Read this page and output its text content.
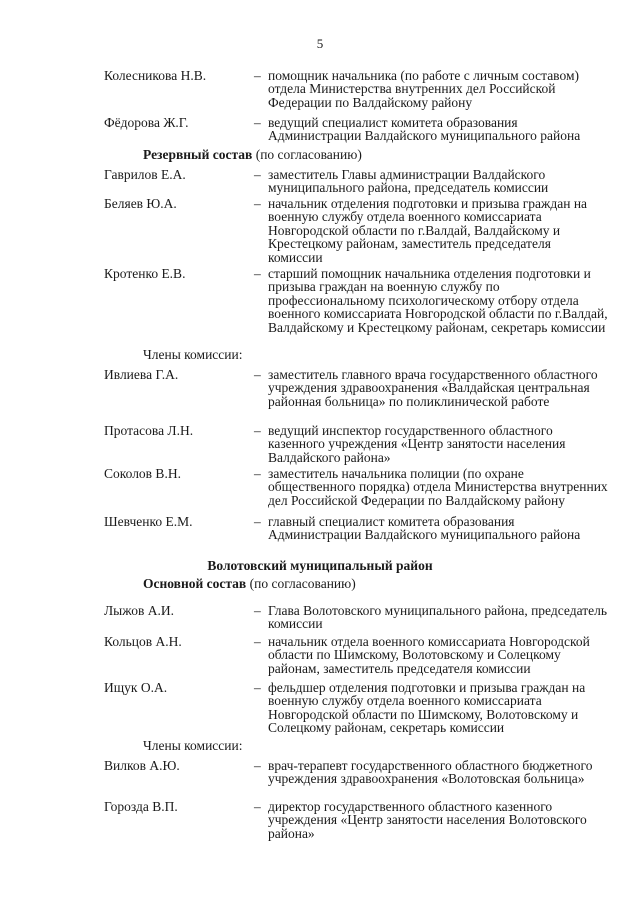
5
Колесникова Н.В.	– помощник начальника (по работе с личным составом) отдела Министерства внутренних дел Российской Федерации по Валдайскому району
Фёдорова Ж.Г.	– ведущий специалист комитета образования Администрации Валдайского муниципального района
Резервный состав (по согласованию)
Гаврилов Е.А.	– заместитель Главы администрации Валдайского муниципального района, председатель комиссии
Беляев Ю.А.	– начальник отделения подготовки и призыва граждан на военную службу отдела военного комиссариата Новгородской области по г.Валдай, Валдайскому и Крестецкому районам, заместитель председателя комиссии
Кротенко Е.В.	– старший помощник начальника отделения подготовки и призыва граждан на военную службу по профессиональному психологическому отбору отдела военного комиссариата Новгородской области по г.Валдай, Валдайскому и Крестецкому районам, секретарь комиссии
Члены комиссии:
Ивлиева Г.А.	– заместитель главного врача государственного областного учреждения здравоохранения «Валдайская центральная районная больница» по поликлинической работе
Протасова Л.Н.	– ведущий инспектор государственного областного казенного учреждения «Центр занятости населения Валдайского района»
Соколов В.Н.	– заместитель начальника полиции (по охране общественного порядка) отдела Министерства внутренних дел Российской Федерации по Валдайскому району
Шевченко Е.М.	– главный специалист комитета образования Администрации Валдайского муниципального района
Волотовский муниципальный район
Основной состав (по согласованию)
Лыжов А.И.	– Глава Волотовского муниципального района, председатель комиссии
Кольцов А.Н.	– начальник отдела военного комиссариата Новгородской области по Шимскому, Волотовскому и Солецкому районам, заместитель председателя комиссии
Ищук О.А.	– фельдшер отделения подготовки и призыва граждан на военную службу отдела военного комиссариата Новгородской области по Шимскому, Волотовскому и Солецкому районам, секретарь комиссии
Члены комиссии:
Вилков А.Ю.	– врач-терапевт государственного областного бюджетного учреждения здравоохранения «Волотовская больница»
Горозда В.П.	– директор государственного областного казенного учреждения «Центр занятости населения Волотовского района»
